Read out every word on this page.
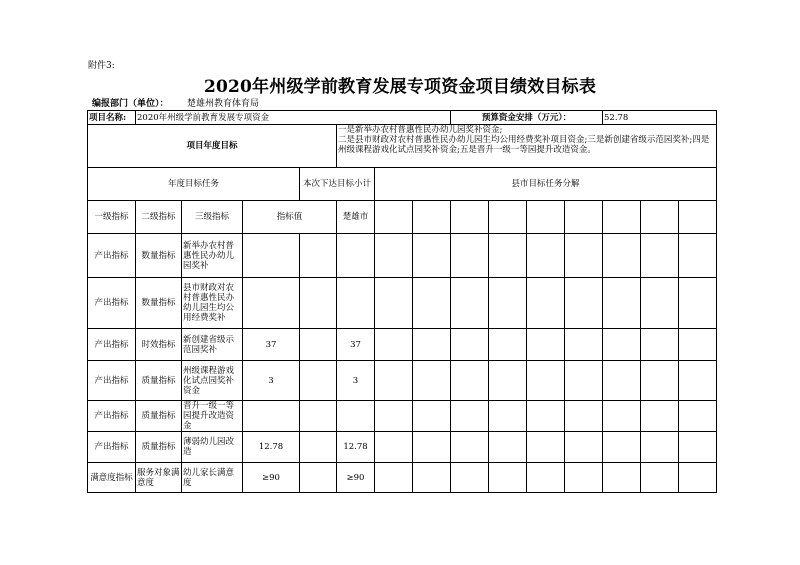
附件3:
2020年州级学前教育发展专项资金项目绩效目标表
编报部门（单位）： 楚雄州教育体育局
项目名称:	2020年州级学前教育发展专项资金							预算资金安排（万元）：				52.78		
项目年度目标					一是新举办农村普惠性民办幼儿园奖补资金;
二是县市财政对农村普惠性民办幼儿园生均公用经费奖补项目资金;三是新创建省级示范园奖补;四是州级课程游戏化试点园奖补资金;五是晋升一级一等园提升改造资金。									

年度目标任务				本次下达目标小计		县市目标任务分解								
一级指标	二级指标	三级指标	指标值		楚雄市									
产出指标	数量指标	新举办农村普惠性民办幼儿园奖补												
产出指标	数量指标	县市财政对农村普惠性民办幼儿园生均公用经费奖补												
产出指标	时效指标	新创建省级示范园奖补	37		37									
产出指标	质量指标	州级课程游戏化试点园奖补资金	3		3									
产出指标	质量指标	晋升一级一等园提升改造资金												
产出指标	质量指标	薄弱幼儿园改造	12.78		12.78									
满意度指标	服务对象满意度	幼儿家长满意度	≥90		≥90									
